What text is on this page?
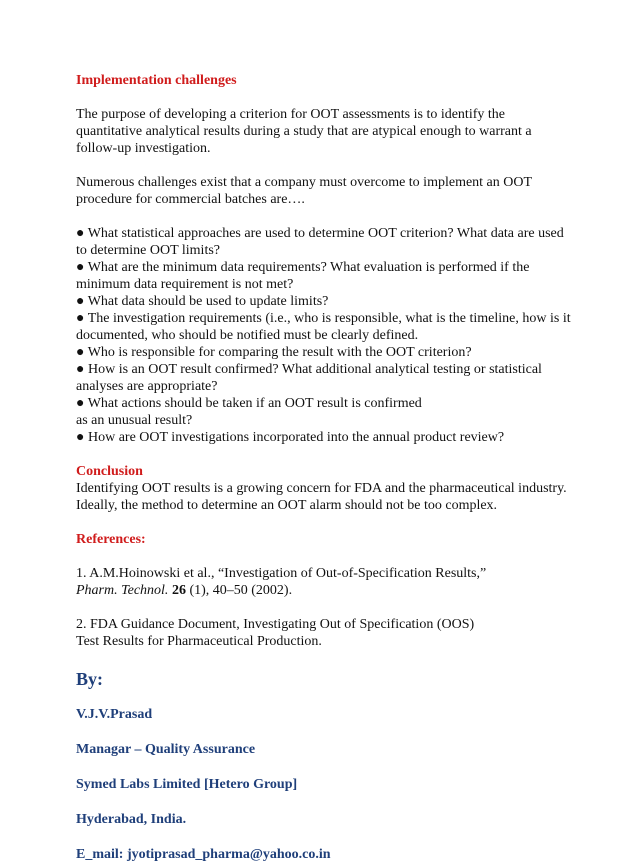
Implementation challenges

The purpose of developing a criterion for OOT assessments is to identify the

quantitative analytical results during a study that are atypical enough to warrant a

follow-up investigation.

Numerous challenges exist that a company must overcome to implement an OOT

procedure for commercial batches are….

● What statistical approaches are used to determine OOT criterion? What data are used
to determine OOT limits?
● What are the minimum data requirements? What evaluation is performed if the
minimum data requirement is not met?
● What data should be used to update limits?
● The investigation requirements (i.e., who is responsible, what is the timeline, how is it
documented, who should be notified must be clearly defined.
● Who is responsible for comparing the result with the OOT criterion?
● How is an OOT result confirmed? What additional analytical testing or statistical
analyses are appropriate?
● What actions should be taken if an OOT result is confirmed
as an unusual result?
● How are OOT investigations incorporated into the annual product review?

Conclusion

Identifying OOT results is a growing concern for FDA and the pharmaceutical industry.

Ideally, the method to determine an OOT alarm should not be too complex.

References:

1. A.M.Hoinowski et al., “Investigation of Out-of-Specification Results,”

Pharm. Technol. 26 (1), 40–50 (2002).

2. FDA Guidance Document, Investigating Out of Specification (OOS)

Test Results for Pharmaceutical Production.

By:

V.J.V.Prasad

Managar – Quality Assurance

Symed Labs Limited [Hetero Group]

Hyderabad, India.

E_mail: jyotiprasad_pharma@yahoo.co.in
